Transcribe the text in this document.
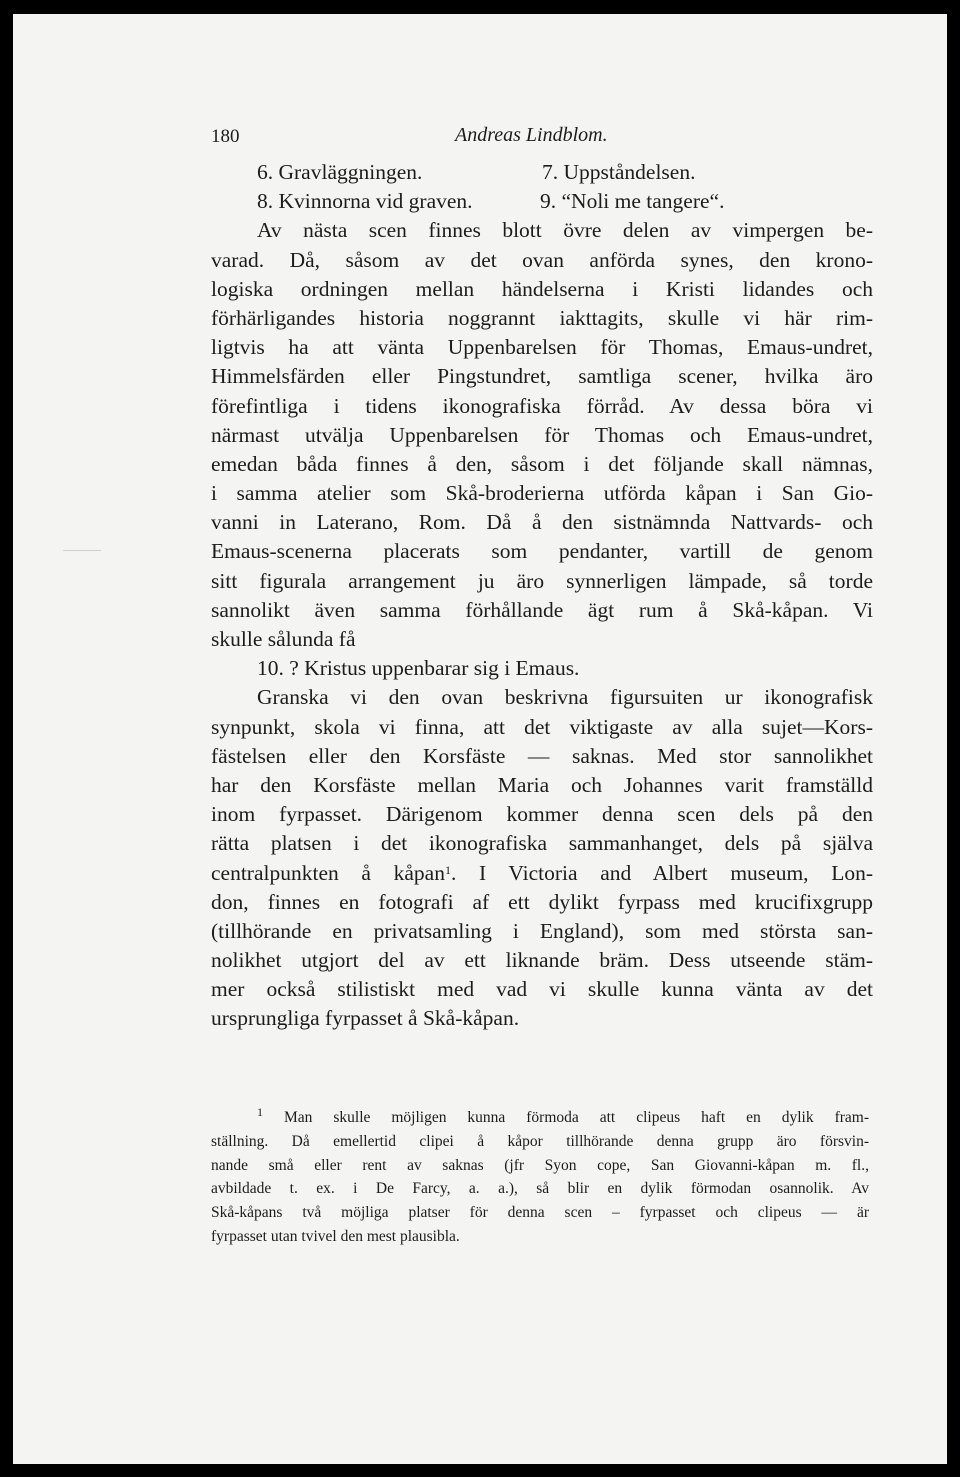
180	Andreas Lindblom.
6. Gravläggningen.	7. Uppståndelsen.
8. Kvinnorna vid graven.	9. “Noli me tangere“.
Av nästa scen finnes blott övre delen av vimpergen be-
varad. Då, såsom av det ovan anförda synes, den krono-
logiska ordningen mellan händelserna i Kristi lidandes och
förhärligandes historia noggrannt iakttagits, skulle vi här rim-
ligtvis ha att vänta Uppenbarelsen för Thomas, Emaus-undret,
Himmelsfärden eller Pingstundret, samtliga scener, hvilka äro
förefintliga i tidens ikonografiska förråd. Av dessa böra vi
närmast utvälja Uppenbarelsen för Thomas och Emaus-undret,
emedan båda finnes å den, såsom i det följande skall nämnas,
i samma atelier som Skå-broderierna utförda kåpan i San Gio-
vanni in Laterano, Rom. Då å den sistnämnda Nattvards- och
Emaus-scenerna placerats som pendanter, vartill de genom
sitt figurala arrangement ju äro synnerligen lämpade, så torde
sannolikt även samma förhållande ägt rum å Skå-kåpan. Vi
skulle sålunda få
10. ? Kristus uppenbarar sig i Emaus.
Granska vi den ovan beskrivna figursuiten ur ikonografisk
synpunkt, skola vi finna, att det viktigaste av alla sujet—Kors-
fästelsen eller den Korsfäste — saknas. Med stor sannolikhet
har den Korsfäste mellan Maria och Johannes varit framställd
inom fyrpasset. Därigenom kommer denna scen dels på den
rätta platsen i det ikonografiska sammanhanget, dels på själva
centralpunkten å kåpan$^1$. I Victoria and Albert museum, Lon-
don, finnes en fotografi af ett dylikt fyrpass med krucifixgrupp
(tillhörande en privatsamling i England), som med största san-
nolikhet utgjort del av ett liknande bräm. Dess utseende stäm-
mer också stilistiskt med vad vi skulle kunna vänta av det
ursprungliga fyrpasset å Skå-kåpan.
$^1$ Man skulle möjligen kunna förmoda att clipeus haft en dylik fram-
ställning. Då emellertid clipei å kåpor tillhörande denna grupp äro försvin-
nande små eller rent av saknas (jfr Syon cope, San Giovanni-kåpan m. fl.,
avbildade t. ex. i De Farcy, a. a.), så blir en dylik förmodan osannolik. Av
Skå-kåpans två möjliga platser för denna scen – fyrpasset och clipeus — är
fyrpasset utan tvivel den mest plausibla.
